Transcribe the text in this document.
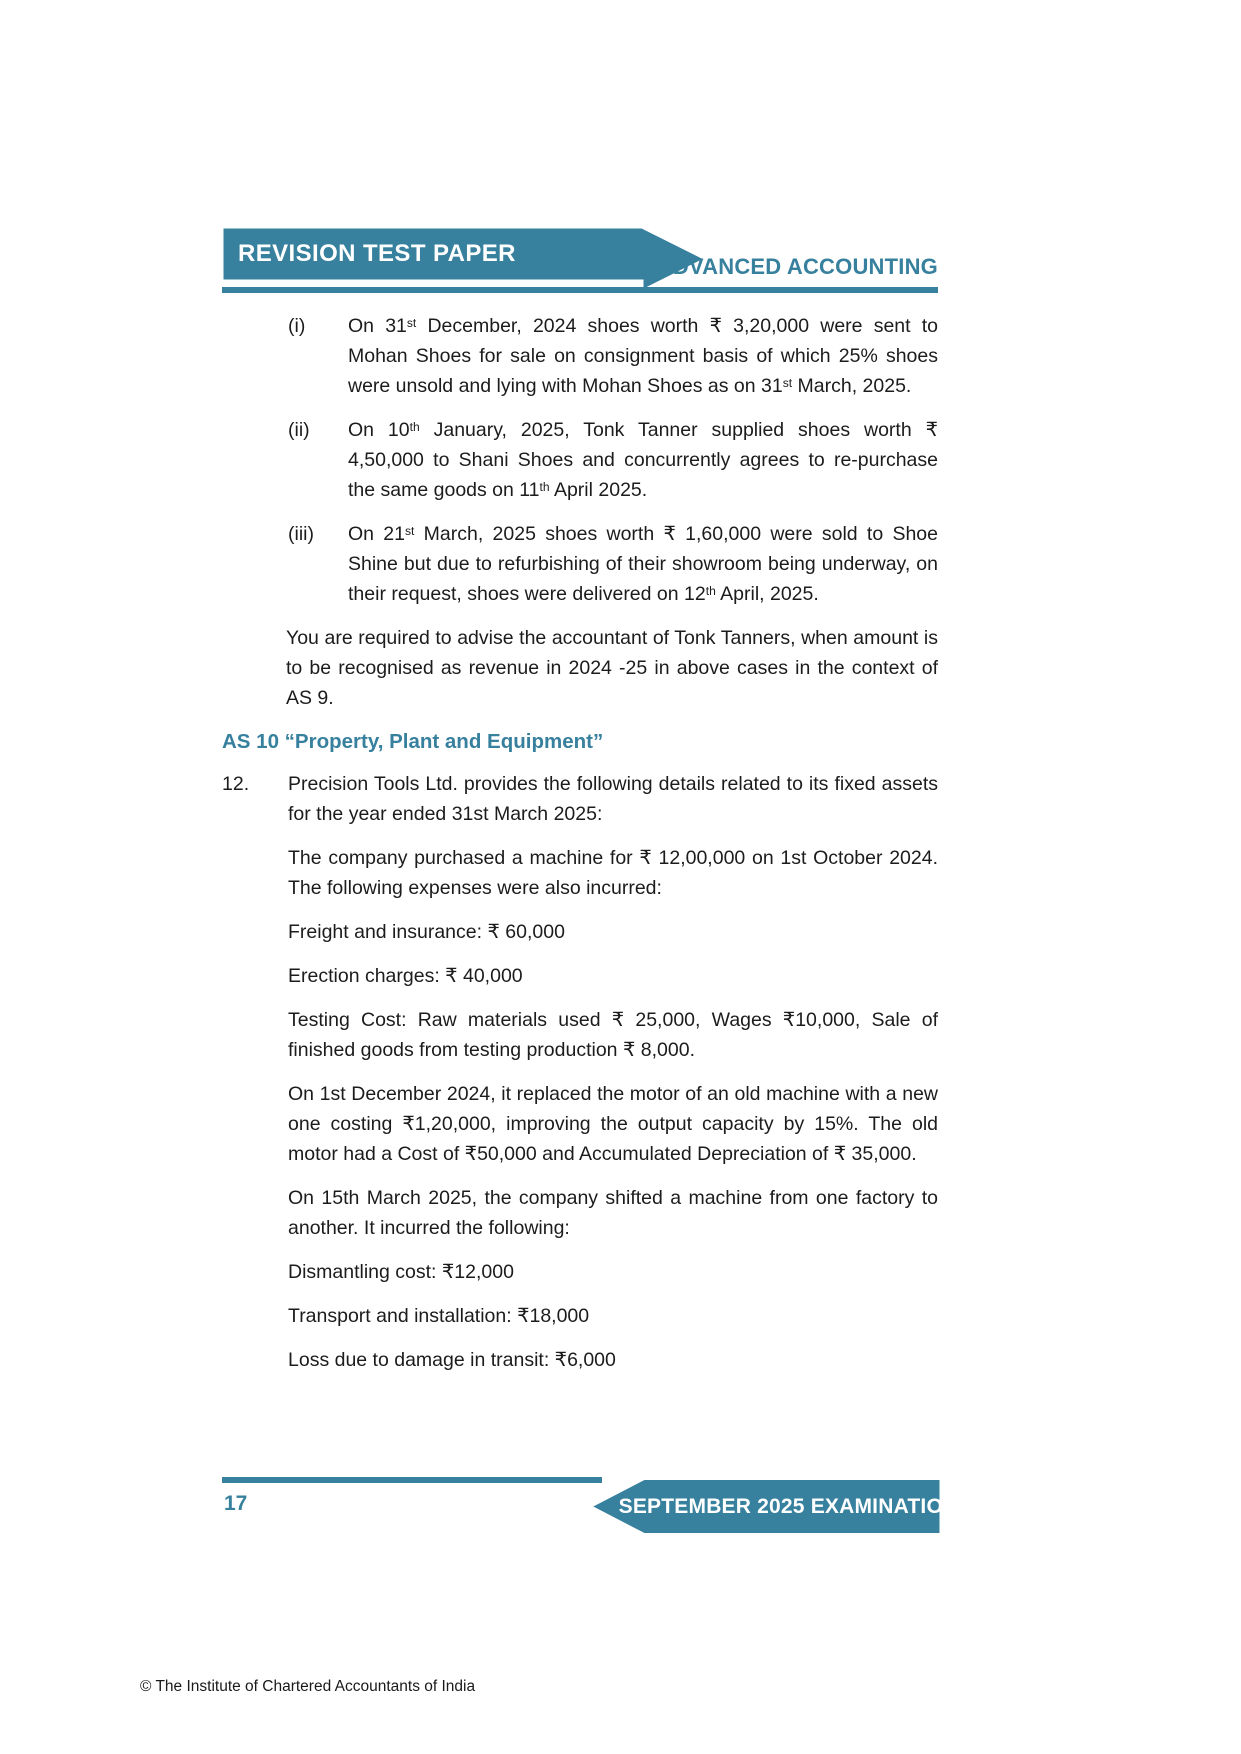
REVISION TEST PAPER	ADVANCED ACCOUNTING
(i) On 31st December, 2024 shoes worth ₹ 3,20,000 were sent to Mohan Shoes for sale on consignment basis of which 25% shoes were unsold and lying with Mohan Shoes as on 31st March, 2025.

(ii) On 10th January, 2025, Tonk Tanner supplied shoes worth ₹ 4,50,000 to Shani Shoes and concurrently agrees to re-purchase the same goods on 11th April 2025.

(iii) On 21st March, 2025 shoes worth ₹ 1,60,000 were sold to Shoe Shine but due to refurbishing of their showroom being underway, on their request, shoes were delivered on 12th April, 2025.

You are required to advise the accountant of Tonk Tanners, when amount is to be recognised as revenue in 2024 -25 in above cases in the context of AS 9.

AS 10 “Property, Plant and Equipment”
12. Precision Tools Ltd. provides the following details related to its fixed assets for the year ended 31st March 2025:

The company purchased a machine for ₹ 12,00,000 on 1st October 2024. The following expenses were also incurred:

Freight and insurance: ₹ 60,000

Erection charges: ₹ 40,000

Testing Cost: Raw materials used ₹ 25,000, Wages ₹10,000, Sale of finished goods from testing production ₹ 8,000.

On 1st December 2024, it replaced the motor of an old machine with a new one costing ₹1,20,000, improving the output capacity by 15%. The old motor had a Cost of ₹50,000 and Accumulated Depreciation of ₹ 35,000.

On 15th March 2025, the company shifted a machine from one factory to another. It incurred the following:

Dismantling cost: ₹12,000

Transport and installation: ₹18,000

Loss due to damage in transit: ₹6,000

17	SEPTEMBER 2025 EXAMINATION
© The Institute of Chartered Accountants of India
